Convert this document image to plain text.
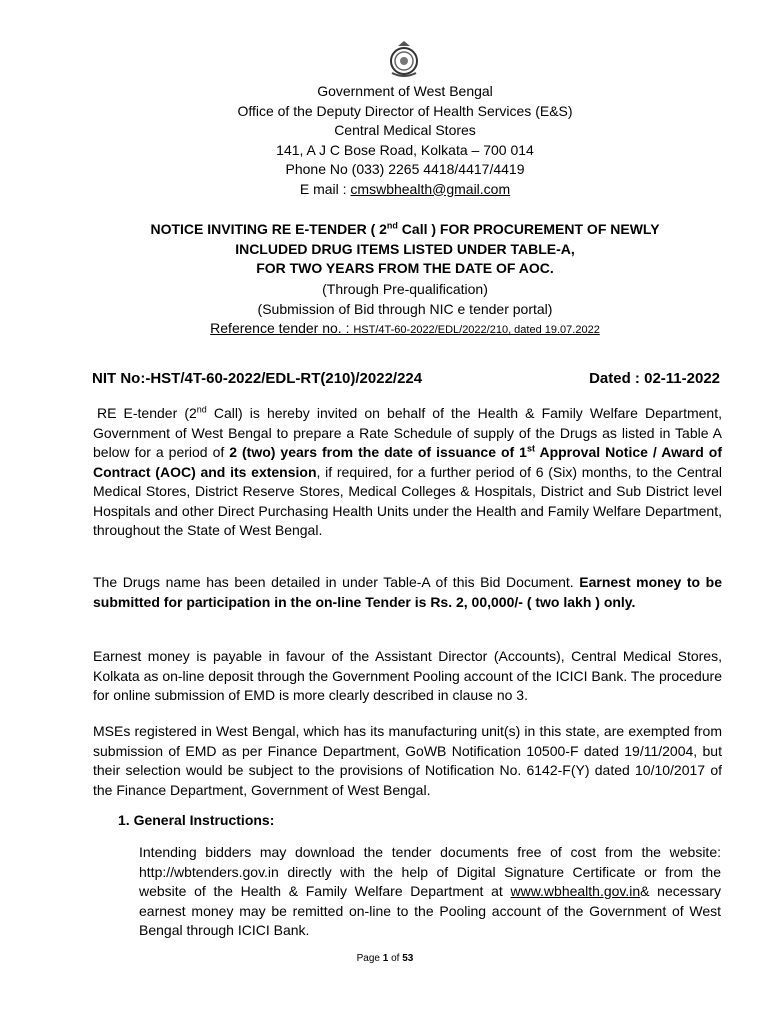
Government of West Bengal
Office of the Deputy Director of Health Services (E&S)
Central Medical Stores
141, A J C Bose Road, Kolkata – 700 014
Phone No (033) 2265 4418/4417/4419
E mail : cmswbhealth@gmail.com
NOTICE INVITING RE E-TENDER ( 2nd Call ) FOR PROCUREMENT OF NEWLY
INCLUDED DRUG ITEMS LISTED UNDER TABLE-A,
FOR TWO YEARS FROM THE DATE OF AOC.
(Through Pre-qualification)
(Submission of Bid through NIC e tender portal)
Reference tender no. : HST/4T-60-2022/EDL/2022/210, dated 19.07.2022
NIT No:-HST/4T-60-2022/EDL-RT(210)/2022/224	Dated : 02-11-2022
RE E-tender (2nd Call) is hereby invited on behalf of the Health & Family Welfare Department, Government of West Bengal to prepare a Rate Schedule of supply of the Drugs as listed in Table A below for a period of 2 (two) years from the date of issuance of 1st Approval Notice / Award of Contract (AOC) and its extension, if required, for a further period of 6 (Six) months, to the Central Medical Stores, District Reserve Stores, Medical Colleges & Hospitals, District and Sub District level Hospitals and other Direct Purchasing Health Units under the Health and Family Welfare Department, throughout the State of West Bengal.
The Drugs name has been detailed in under Table-A of this Bid Document. Earnest money to be submitted for participation in the on-line Tender is Rs. 2, 00,000/- ( two lakh ) only.
Earnest money is payable in favour of the Assistant Director (Accounts), Central Medical Stores, Kolkata as on-line deposit through the Government Pooling account of the ICICI Bank. The procedure for online submission of EMD is more clearly described in clause no 3.
MSEs registered in West Bengal, which has its manufacturing unit(s) in this state, are exempted from submission of EMD as per Finance Department, GoWB Notification 10500-F dated 19/11/2004, but their selection would be subject to the provisions of Notification No. 6142-F(Y) dated 10/10/2017 of the Finance Department, Government of West Bengal.
1. General Instructions:
Intending bidders may download the tender documents free of cost from the website: http://wbtenders.gov.in directly with the help of Digital Signature Certificate or from the website of the Health & Family Welfare Department at www.wbhealth.gov.in& necessary earnest money may be remitted on-line to the Pooling account of the Government of West Bengal through ICICI Bank.
Page 1 of 53
